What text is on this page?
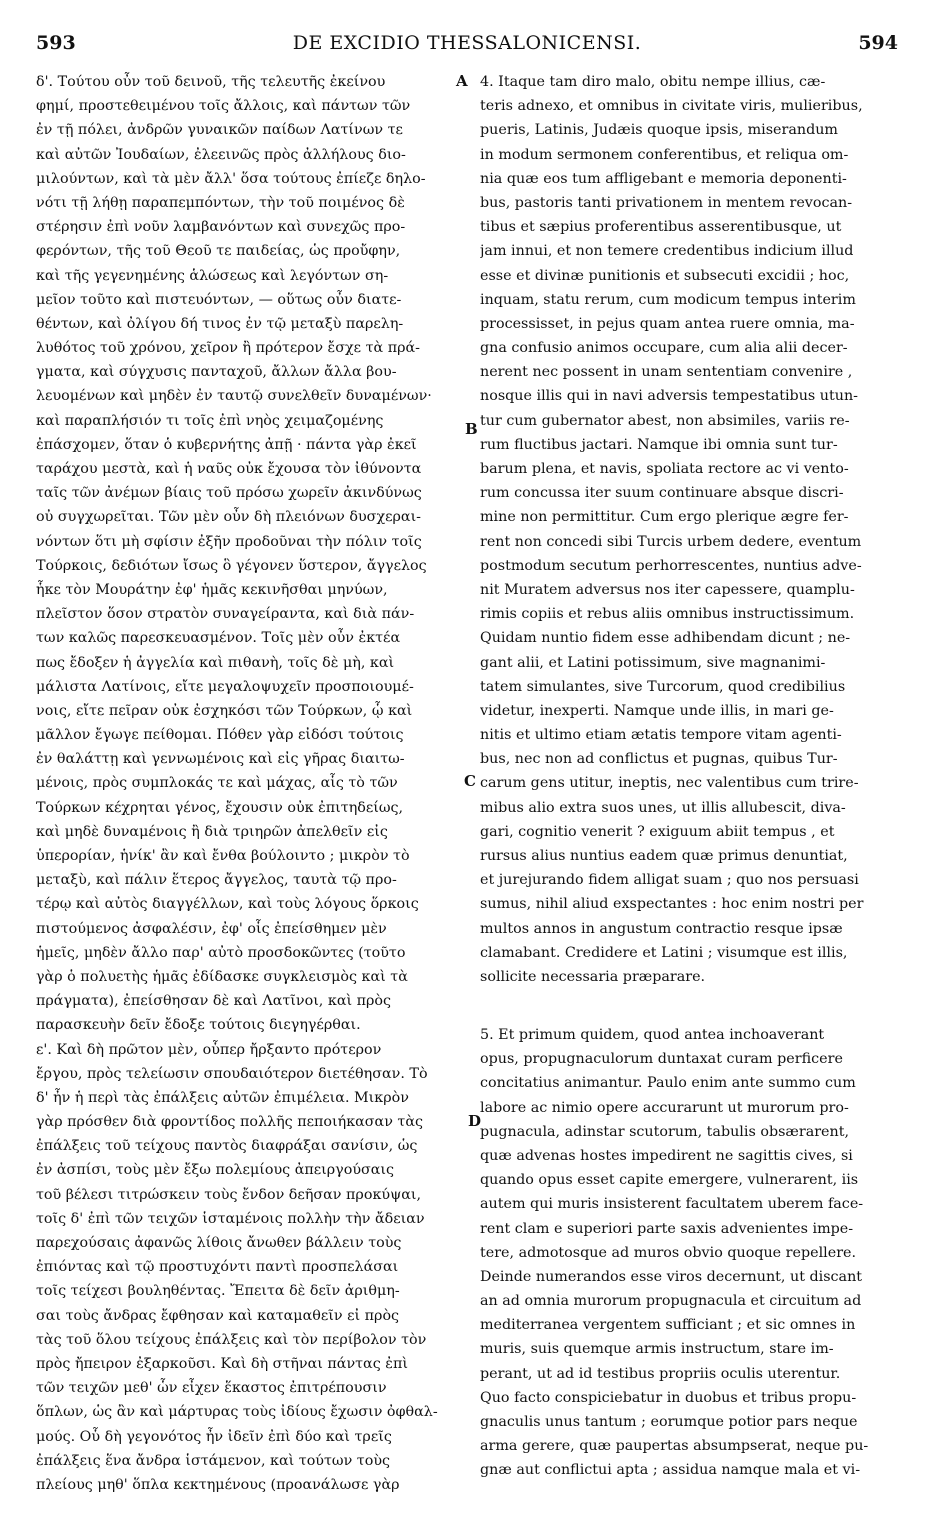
593	DE EXCIDIO THESSALONICENSI.	594
A
B
C
D
δ'. Τούτου οὖν τοῦ δεινοῦ, τῆς τελευτῆς ἐκείνου
φημί, προστεθειμένου τοῖς ἄλλοις, καὶ πάντων τῶν
ἐν τῇ πόλει, ἀνδρῶν γυναικῶν παίδων Λατίνων τε
καὶ αὐτῶν Ἰουδαίων, ἐλεεινῶς πρὸς ἀλλήλους διο-
μιλούντων, καὶ τὰ μὲν ἄλλ' ὅσα τούτους ἐπίεζε δηλο-
νότι τῇ λήθῃ παραπεμπόντων, τὴν τοῦ ποιμένος δὲ
στέρησιν ἐπὶ νοῦν λαμβανόντων καὶ συνεχῶς προ-
φερόντων, τῆς τοῦ Θεοῦ τε παιδείας, ὡς προὔφην,
καὶ τῆς γεγενημένης ἁλώσεως καὶ λεγόντων ση-
μεῖον τοῦτο καὶ πιστευόντων, — οὕτως οὖν διατε-
θέντων, καὶ ὀλίγου δή τινος ἐν τῷ μεταξὺ παρελη-
λυθότος τοῦ χρόνου, χεῖρον ἢ πρότερον ἔσχε τὰ πρά-
γματα, καὶ σύγχυσις πανταχοῦ, ἄλλων ἄλλα βου-
λευομένων καὶ μηδὲν ἐν ταυτῷ συνελθεῖν δυναμένων·
καὶ παραπλήσιόν τι τοῖς ἐπὶ νηὸς χειμαζομένης
ἐπάσχομεν, ὅταν ὁ κυβερνήτης ἀπῇ · πάντα γὰρ ἐκεῖ
ταράχου μεστὰ, καὶ ἡ ναῦς οὐκ ἔχουσα τὸν ἰθύνοντα
ταῖς τῶν ἀνέμων βίαις τοῦ πρόσω χωρεῖν ἀκινδύνως
οὐ συγχωρεῖται. Τῶν μὲν οὖν δὴ πλειόνων δυσχεραι-
νόντων ὅτι μὴ σφίσιν ἐξῆν προδοῦναι τὴν πόλιν τοῖς
Τούρκοις, δεδιότων ἴσως ὃ γέγονεν ὕστερον, ἄγγελος
ἧκε τὸν Μουράτην ἐφ' ἡμᾶς κεκινῆσθαι μηνύων,
πλεῖστον ὅσον στρατὸν συναγείραντα, καὶ διὰ πάν-
των καλῶς παρεσκευασμένον. Τοῖς μὲν οὖν ἐκτέα
πως ἔδοξεν ἡ ἀγγελία καὶ πιθανὴ, τοῖς δὲ μὴ, καὶ
μάλιστα Λατίνοις, εἴτε μεγαλοψυχεῖν προσποιουμέ-
νοις, εἴτε πεῖραν οὐκ ἐσχηκόσι τῶν Τούρκων, ᾧ καὶ
μᾶλλον ἔγωγε πείθομαι. Πόθεν γὰρ εἰδόσι τούτοις
ἐν θαλάττῃ καὶ γεννωμένοις καὶ εἰς γῆρας διαιτω-
μένοις, πρὸς συμπλοκάς τε καὶ μάχας, αἷς τὸ τῶν
Τούρκων κέχρηται γένος, ἔχουσιν οὐκ ἐπιτηδείως,
καὶ μηδὲ δυναμένοις ἢ διὰ τριηρῶν ἀπελθεῖν εἰς
ὑπερορίαν, ἡνίκ' ἂν καὶ ἔνθα βούλοιντο ; μικρὸν τὸ
μεταξὺ, καὶ πάλιν ἕτερος ἄγγελος, ταυτὰ τῷ προ-
τέρῳ καὶ αὐτὸς διαγγέλλων, καὶ τοὺς λόγους ὅρκοις
πιστούμενος ἀσφαλέσιν, ἐφ' οἷς ἐπείσθημεν μὲν
ἡμεῖς, μηδὲν ἄλλο παρ' αὐτὸ προσδοκῶντες (τοῦτο
γὰρ ὁ πολυετὴς ἡμᾶς ἐδίδασκε συγκλεισμὸς καὶ τὰ
πράγματα), ἐπείσθησαν δὲ καὶ Λατῖνοι, καὶ πρὸς
παρασκευὴν δεῖν ἔδοξε τούτοις διεγηγέρθαι.
ε'. Καὶ δὴ πρῶτον μὲν, οὗπερ ἤρξαντο πρότερον
ἔργου, πρὸς τελείωσιν σπουδαιότερον διετέθησαν. Τὸ
δ' ἦν ἡ περὶ τὰς ἐπάλξεις αὐτῶν ἐπιμέλεια. Μικρὸν
γὰρ πρόσθεν διὰ φροντίδος πολλῆς πεποιήκασαν τὰς
ἐπάλξεις τοῦ τείχους παντὸς διαφράξαι σανίσιν, ὡς
ἐν ἀσπίσι, τοὺς μὲν ἔξω πολεμίους ἀπειργούσαις
τοῦ βέλεσι τιτρώσκειν τοὺς ἔνδον δεῆσαν προκύψαι,
τοῖς δ' ἐπὶ τῶν τειχῶν ἱσταμένοις πολλὴν τὴν ἄδειαν
παρεχούσαις ἀφανῶς λίθοις ἄνωθεν βάλλειν τοὺς
ἐπιόντας καὶ τῷ προστυχόντι παντὶ προσπελάσαι
τοῖς τείχεσι βουληθέντας. Ἔπειτα δὲ δεῖν ἀριθμη-
σαι τοὺς ἄνδρας ἔφθησαν καὶ καταμαθεῖν εἰ πρὸς
τὰς τοῦ ὅλου τείχους ἐπάλξεις καὶ τὸν περίβολον τὸν
πρὸς ἤπειρον ἐξαρκοῦσι. Καὶ δὴ στῆναι πάντας ἐπὶ
τῶν τειχῶν μεθ' ὧν εἶχεν ἕκαστος ἐπιτρέπουσιν
ὅπλων, ὡς ἂν καὶ μάρτυρας τοὺς ἰδίους ἔχωσιν ὀφθαλ-
μούς. Οὗ δὴ γεγονότος ἦν ἰδεῖν ἐπὶ δύο καὶ τρεῖς
ἐπάλξεις ἕνα ἄνδρα ἱστάμενον, καὶ τούτων τοὺς
πλείους μηθ' ὅπλα κεκτημένους (προανάλωσε γὰρ
4. Itaque tam diro malo, obitu nempe illius, cæ-
teris adnexo, et omnibus in civitate viris, mulieribus,
pueris, Latinis, Judæis quoque ipsis, miserandum
in modum sermonem conferentibus, et reliqua om-
nia quæ eos tum affligebant e memoria deponenti-
bus, pastoris tanti privationem in mentem revocan-
tibus et sæpius proferentibus asserentibusque, ut
jam innui, et non temere credentibus indicium illud
esse et divinæ punitionis et subsecuti excidii ; hoc,
inquam, statu rerum, cum modicum tempus interim
processisset, in pejus quam antea ruere omnia, ma-
gna confusio animos occupare, cum alia alii decer-
nerent nec possent in unam sententiam convenire ,
nosque illis qui in navi adversis tempestatibus utun-
tur cum gubernator abest, non absimiles, variis re-
rum fluctibus jactari. Namque ibi omnia sunt tur-
barum plena, et navis, spoliata rectore ac vi vento-
rum concussa iter suum continuare absque discri-
mine non permittitur. Cum ergo plerique ægre fer-
rent non concedi sibi Turcis urbem dedere, eventum
postmodum secutum perhorrescentes, nuntius adve-
nit Muratem adversus nos iter capessere, quamplu-
rimis copiis et rebus aliis omnibus instructissimum.
Quidam nuntio fidem esse adhibendam dicunt ; ne-
gant alii, et Latini potissimum, sive magnanimi-
tatem simulantes, sive Turcorum, quod credibilius
videtur, inexperti. Namque unde illis, in mari ge-
nitis et ultimo etiam ætatis tempore vitam agenti-
bus, nec non ad conflictus et pugnas, quibus Tur-
carum gens utitur, ineptis, nec valentibus cum trire-
mibus alio extra suos unes, ut illis allubescit, diva-
gari, cognitio venerit ? exiguum abiit tempus , et
rursus alius nuntius eadem quæ primus denuntiat,
et jurejurando fidem alligat suam ; quo nos persuasi
sumus, nihil aliud exspectantes : hoc enim nostri per
multos annos in angustum contractio resque ipsæ
clamabant. Credidere et Latini ; visumque est illis,
sollicite necessaria præparare.
5. Et primum quidem, quod antea inchoaverant
opus, propugnaculorum duntaxat curam perficere
concitatius animantur. Paulo enim ante summo cum
labore ac nimio opere accurarunt ut murorum pro-
pugnacula, adinstar scutorum, tabulis obsærarent,
quæ advenas hostes impedirent ne sagittis cives, si
quando opus esset capite emergere, vulnerarent, iis
autem qui muris insisterent facultatem uberem face-
rent clam e superiori parte saxis advenientes impe-
tere, admotosque ad muros obvio quoque repellere.
Deinde numerandos esse viros decernunt, ut discant
an ad omnia murorum propugnacula et circuitum ad
mediterranea vergentem sufficiant ; et sic omnes in
muris, suis quemque armis instructum, stare im-
perant, ut ad id testibus propriis oculis uterentur.
Quo facto conspiciebatur in duobus et tribus propu-
gnaculis unus tantum ; eorumque potior pars neque
arma gerere, quæ paupertas absumpserat, neque pu-
gnæ aut conflictui apta ; assidua namque mala et vi-
